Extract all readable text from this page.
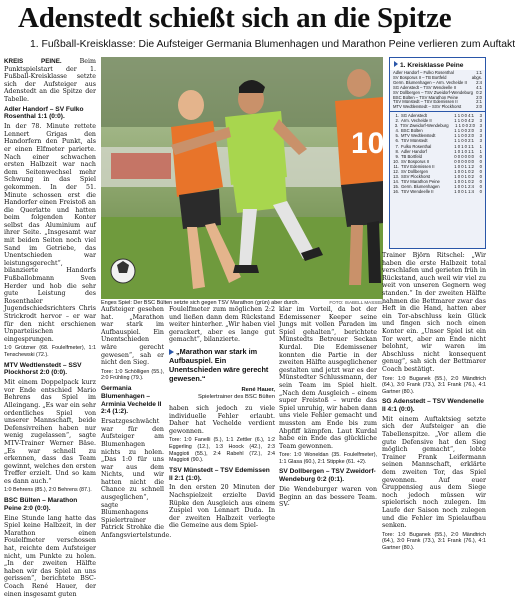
Adenstedt schießt sich an die Spitze
1. Fußball-Kreisklasse: Die Aufsteiger Germania Blumenhagen und Marathon Peine verlieren zum Auftakt

KREIS PEINE.	Beim Punktspielstart der 1. Fußball-Kreisklasse setzte sich der Aufsteiger aus Adenstedt an die Spitze der Tabelle.

Adler Handorf – SV Fulko Rosenthal 1:1 (0:0).

In der 78. Minute rettete Lennert Grigas den Handorfern den Punkt, als er einen Elfmeter parierte. Nach einer schwachen ersten Halbzeit war nach dem Seitenwechsel mehr Schwung in das Spiel gekommen. In der 51. Minute schossen erst die Handorfer einen Freistoß an die Querlatte und hatten beim folgenden Konter selbst das Aluminium auf ihrer Seite. „Insgesamt war mit beiden Seiten noch viel Sand im Getriebe, das Unentschieden war leistungsgerecht“, bilanzierte Handorfs Fußballobmann Sven Herder und hob die sehr gute Leistung des Rosenthaler Jugendschiedsrichters Chris Strickrodt hervor – er war für den nicht erschienen Unparteiischen eingesprungen.

1:0 Grützner (68. Foulelfmeter), 1:1 Tenschewski (72.).

MTV Wedtlenstedt – SSV Plockhorst 2:0 (0:0).

Mit einem Doppelpack kurz vor Ende entschied Mario Behrens das Spiel im Alleingang. „Es war ein sehr ordentliches Spiel von unserer Mannschaft, beide Defensivreihen haben nur wenig zugelassen“, sagte MTV-Trainer Werner Bäse. „Es war schnell zu erkennen, dass das Team gewinnt, welches den ersten Treffer erzielt. Und so kam es dann auch.“

1:0 Behrens (85.), 2:0 Behrens (87.).

BSC Bülten – Marathon Peine 2:0 (0:0).

Eine Stunde lang hatte das Spiel keine Halbzeit, in der Marathon einen Foulelfmeter verschossen hat, reichte dem Aufsteiger nicht, um Punkte zu holen. „In der zweiten Hälfte haben wir das Spiel an uns gerissen“, berichtete BSC-Coach René Hauer, der einen insgesamt guten

10
Enges Spiel: Der BSC Bülten setzte sich gegen TSV Marathon (grün) aber durch.	FOTO: ISABELL MASSEL
1. Kreisklasse Peine
Adler Handorf – Fulko Rosenthal	1:1
SV Bosporus II – TB Bortfeld	abgs.
Germ. Blumenhagen – Arm. Vechelde II 2:4
SG Adenstedt – TSV Wendeelle II	4:1
SV Dollbergen – TSV Zweidorf-Wendeburg 0:2
BSC Bülten – TSV Marathon Peine	2:0
TSV Münstedt – TSV Edemissen II	2:1
MTV Wedtlenstedt – SSV Plockhorst	2:0
1. SG Adenstedt	1 1 0 0 4:1	3
2. Arm. Vechelde II	1 1 0 0 4:2	3
3. TSV Zweidorf-Wendeburg	1 1 0 0 2:0	3
4. BSC Bülten	1 1 0 0 2:0	3
5. MTV Wedtlenstedt	1 1 0 0 2:0	3
6. TSV Münstedt	1 1 0 0 2:1	3
7. Fulko Rosenthal	1 0 1 0 1:1	1
8. Adler Handorf	1 0 1 0 1:1	1
9. TB Bortfeld	0 0 0 0 0:0	0
10. SV Bosporus II	0 0 0 0 0:0	0
11. TSV Edemissen II	1 0 0 1 1:2	0
12. SV Dollbergen	1 0 0 1 0:2	0
13. SSV Plockhorst	1 0 0 1 0:2	0
14. TSV Marathon Peine	1 0 0 1 0:2	0
15. Germ. Blumenhagen	1 0 0 1 2:4	0
16. TSV Wendeelle II	1 0 0 1 1:4	0

Aufsteiger gesehen hat. „Marathon war stark im Aufbauspiel. Ein Unentschieden wäre gerecht gewesen“, sah er nicht den Sieg.

Tore: 1:0 Schölligen (55.), 2:0 Frühling (79.).

Germania Blumenhagen – Arminia Vechelde II 2:4 (1:2).

Ersatzgeschwächt war für den Aufsteiger am Blumenhagen nichts zu holen. „Das 1:0 für uns war aus dem Nichts, und wir hatten nicht die Chance zu schnell ausgeglichen“, sagte Blumenhagens Spielertrainer Patrick Strohke die Anfangsviertelstunde.

Foulelfmeter zum möglichen 2:2 und ließen dann dem Rückstand weiter hinterher. „Wir haben viel gerackert, aber es lange gut gemacht“, bilanzierte.

„Marathon war stark im Aufbauspiel. Ein Unentschieden wäre gerecht gewesen.“
René Hauer,
Spielertrainer des BSC Bülten

haben sich jedoch zu viele individuelle Fehler erlaubt. Daher hat Vechelde verdient gewonnen.

Tore: 1:0 Fanelli (5.), 1:1 Zettler (6.), 1:2 Eggerling (12.), 1:3 Hoock (42.), 2:3 Maggioti (55.), 2:4 Rabehl (72.), 2:4 Maggioti (90.).

TSV Münstedt – TSV Edemissen II 2:1 (1:0).

In den ersten 20 Minuten der Nachspielzeit erzielte David Rüpke den Ausgleich aus einem Zuspiel von Lennart Duda. In der zweiten Halbzeit verlegte die Gemeine aus dem Spiel-

klar im Vorteil, da bot der Edemissener Keeper seine Jungs mit vollen Paraden im Spiel gehalten“, berichtete Münstedts Betreuer Seckan Kurdal. Die Edemissener konnten die Partie in der zweiten Hälfte ausgeglichener gestalten und jetzt war es der Münstedter Schlussmann, der sein Team im Spiel hielt. „Nach dem Ausgleich – einem super Freistoß – wurde das Spiel unruhig, wir haben dann uns viele Fehler gemacht und mussten am Ende bis zum Abpfiff kämpfen. Laut Kurdal habe ein Ende das glückliche Team gewonnen.

Tore: 1:0 Woneldan (35. Foulelfmeter), 1:1 Glasa (60.), 2:1 Stippke (61. +2).

SV Dollbergen – TSV Zweidorf-Wendeburg 0:2 (0:1).

Die Wendeburger waren von Beginn an das bessere Team. SV-

Trainer Björn Ritschel: „Wir haben die erste Halbzeit total verschlafen und gerieten früh in Rückstand, auch weil wir viel zu weit von unseren Gegnern weg standen.“ In der zweiten Hälfte nahmen die Bettmarer zwar das Heft in die Hand, hatten aber ein Tor-abschluss kein Glück und fingen sich noch einen Konter ein. „Unser Spiel ist ein Tor wert, aber am Ende nicht belohnt, wir waren im Abschluss nicht konsequent genug“, sah sich der Bettmarer Coach bestätigt.

Tore: 1:0 Buganek (55.), 2:0 Mändtrich (64.), 3:0 Frank (73.), 3:1 Frank (76.), 4:1 Gartner (80.).

SG Adenstedt – TSV Wendenelle II 4:1 (0:0).

Mit einem Auftaktsieg setzte sich der Aufsteiger an die Tabellenspitze. „Vor allem die gute Defensive hat den Sieg möglich gemacht“, lobte Trainer Frank Leifermann seinen Mannschaft, erklärte dem zweiten Tor, das Spiel gewonnen. Auf euer Gruppensieg aus dem Siege noch jedoch müssen wir spielerisch noch zulegen. Im Laufe der Saison noch zulegen und die Fehler im Spielaufbau senken.

Tore: 1:0 Buganek (55.), 2:0 Mändtrich (64.), 3:0 Frank (73.), 3:1 Frank (76.), 4:1 Gartner (80.).
